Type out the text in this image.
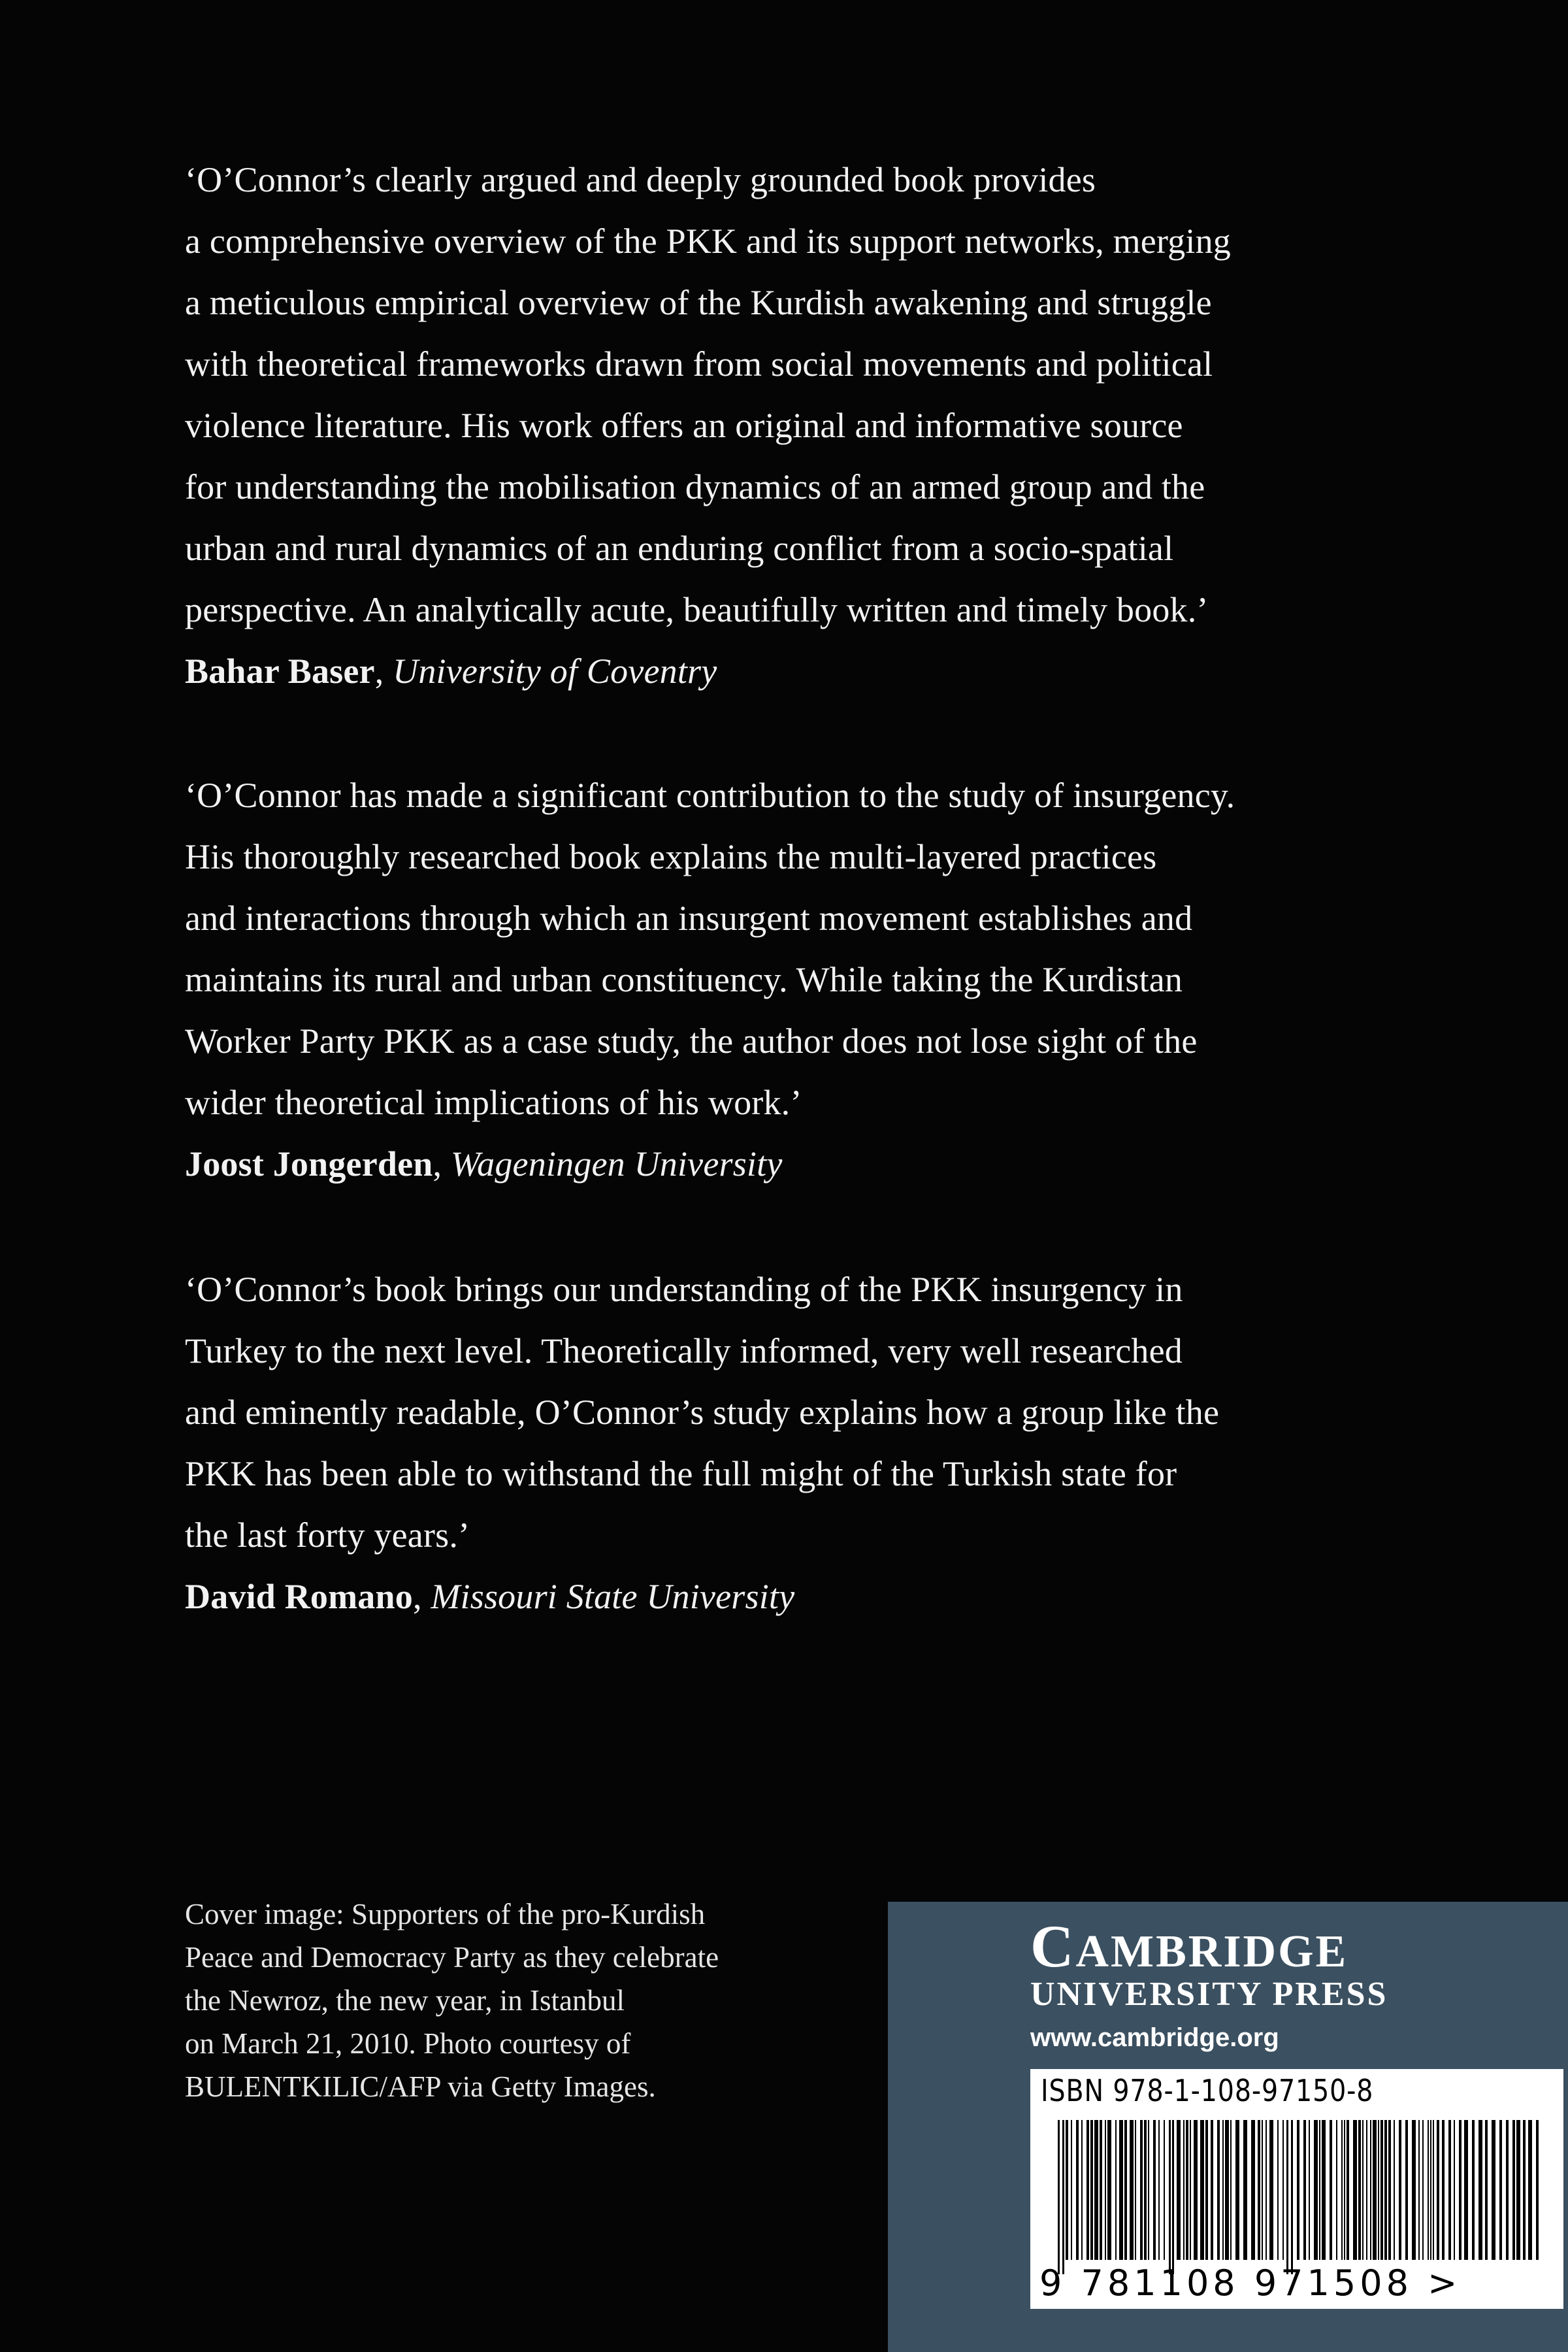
‘O’Connor’s clearly argued and deeply grounded book provides

a comprehensive overview of the PKK and its support networks, merging

a meticulous empirical overview of the Kurdish awakening and struggle

with theoretical frameworks drawn from social movements and political

violence literature. His work offers an original and informative source

for understanding the mobilisation dynamics of an armed group and the

urban and rural dynamics of an enduring conflict from a socio-spatial

perspective. An analytically acute, beautifully written and timely book.’

Bahar Baser, University of Coventry

‘O’Connor has made a significant contribution to the study of insurgency.

His thoroughly researched book explains the multi-layered practices

and interactions through which an insurgent movement establishes and

maintains its rural and urban constituency. While taking the Kurdistan

Worker Party PKK as a case study, the author does not lose sight of the

wider theoretical implications of his work.’

Joost Jongerden, Wageningen University

‘O’Connor’s book brings our understanding of the PKK insurgency in

Turkey to the next level. Theoretically informed, very well researched

and eminently readable, O’Connor’s study explains how a group like the

PKK has been able to withstand the full might of the Turkish state for

the last forty years.’

David Romano, Missouri State University

Cover image: Supporters of the pro-Kurdish
Peace and Democracy Party as they celebrate
the Newroz, the new year, in Istanbul
on March 21, 2010. Photo courtesy of
BULENTKILIC/AFP via Getty Images.
CAMBRIDGE
UNIVERSITY PRESS
www.cambridge.org
ISBN 978-1-108-97150-8
9 781108 971508 >
